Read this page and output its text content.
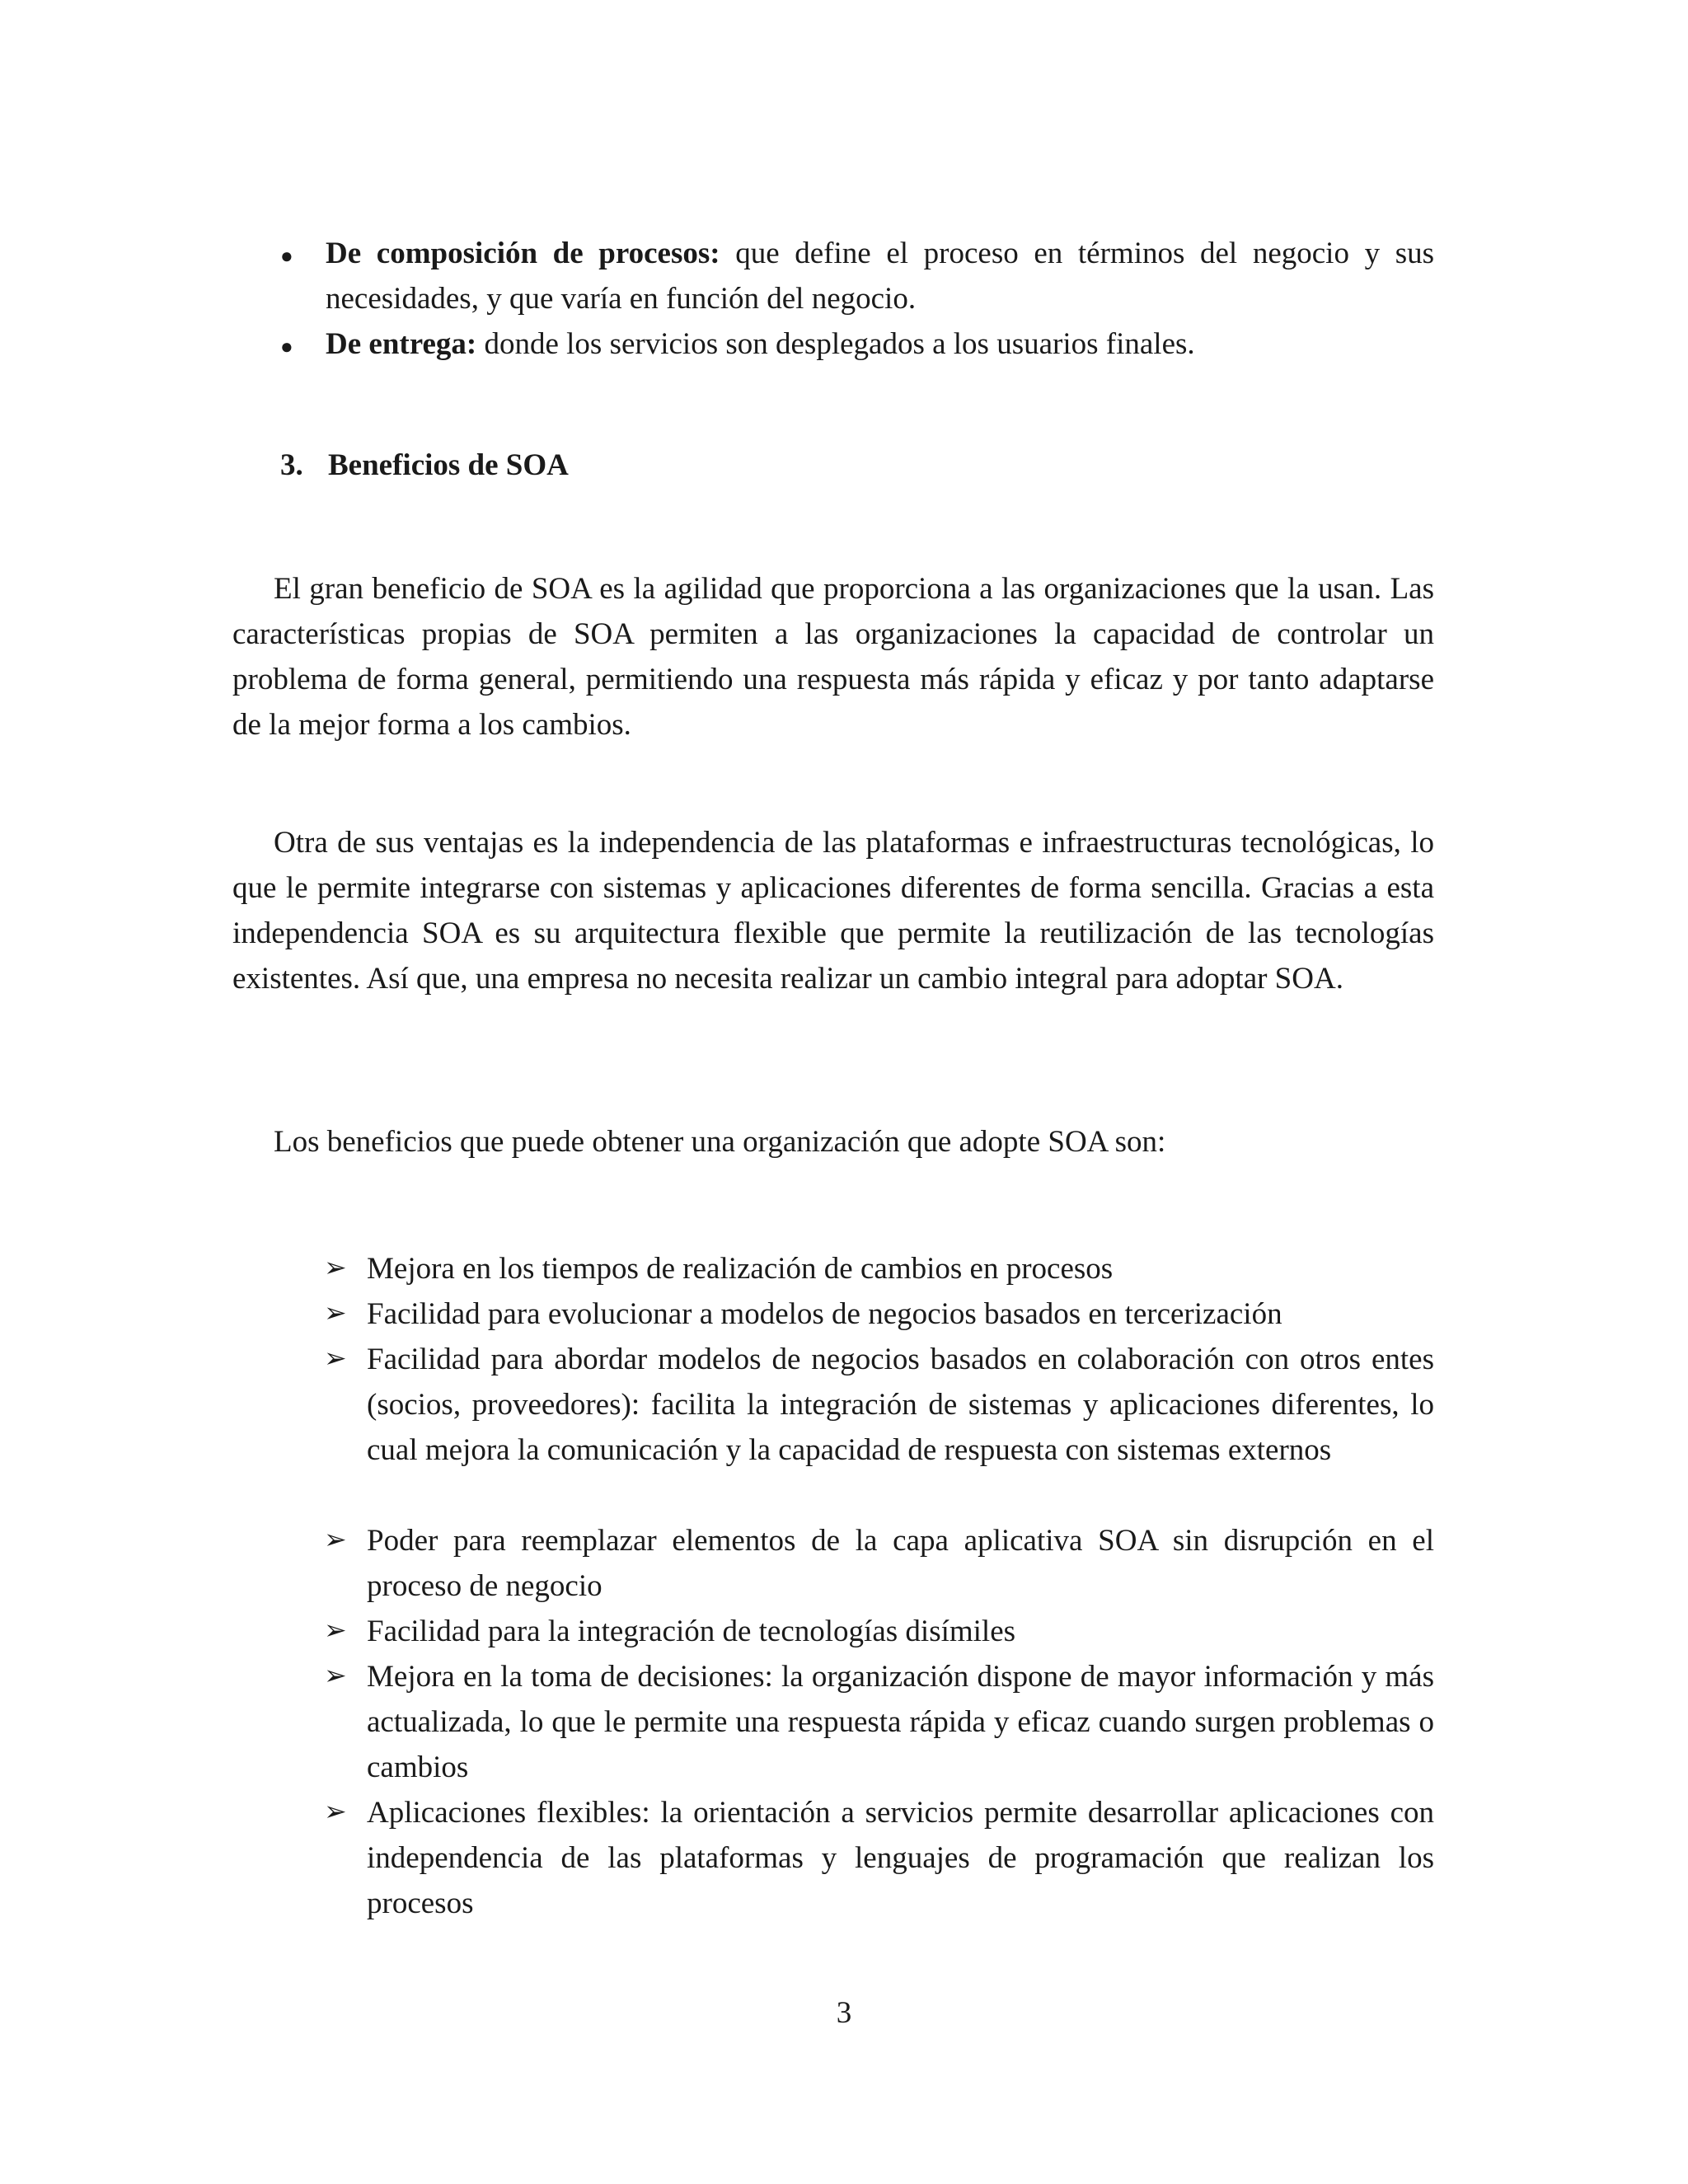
● De composición de procesos: que define el proceso en términos del negocio y sus necesidades, y que varía en función del negocio.
● De entrega: donde los servicios son desplegados a los usuarios finales.
3. Beneficios de SOA

El gran beneficio de SOA es la agilidad que proporciona a las organizaciones que la usan. Las características propias de SOA permiten a las organizaciones la capacidad de controlar un problema de forma general, permitiendo una respuesta más rápida y eficaz y por tanto adaptarse de la mejor forma a los cambios.

Otra de sus ventajas es la independencia de las plataformas e infraestructuras tecnológicas, lo que le permite integrarse con sistemas y aplicaciones diferentes de forma sencilla. Gracias a esta independencia SOA es su arquitectura flexible que permite la reutilización de las tecnologías existentes. Así que, una empresa no necesita realizar un cambio integral para adoptar SOA.

Los beneficios que puede obtener una organización que adopte SOA son:

➢ Mejora en los tiempos de realización de cambios en procesos
➢ Facilidad para evolucionar a modelos de negocios basados en tercerización
➢ Facilidad para abordar modelos de negocios basados en colaboración con otros entes (socios, proveedores): facilita la integración de sistemas y aplicaciones diferentes, lo cual mejora la comunicación y la capacidad de respuesta con sistemas externos
➢ Poder para reemplazar elementos de la capa aplicativa SOA sin disrupción en el proceso de negocio
➢ Facilidad para la integración de tecnologías disímiles
➢ Mejora en la toma de decisiones: la organización dispone de mayor información y más actualizada, lo que le permite una respuesta rápida y eficaz cuando surgen problemas o cambios
➢ Aplicaciones flexibles: la orientación a servicios permite desarrollar aplicaciones con independencia de las plataformas y lenguajes de programación que realizan los procesos
3
